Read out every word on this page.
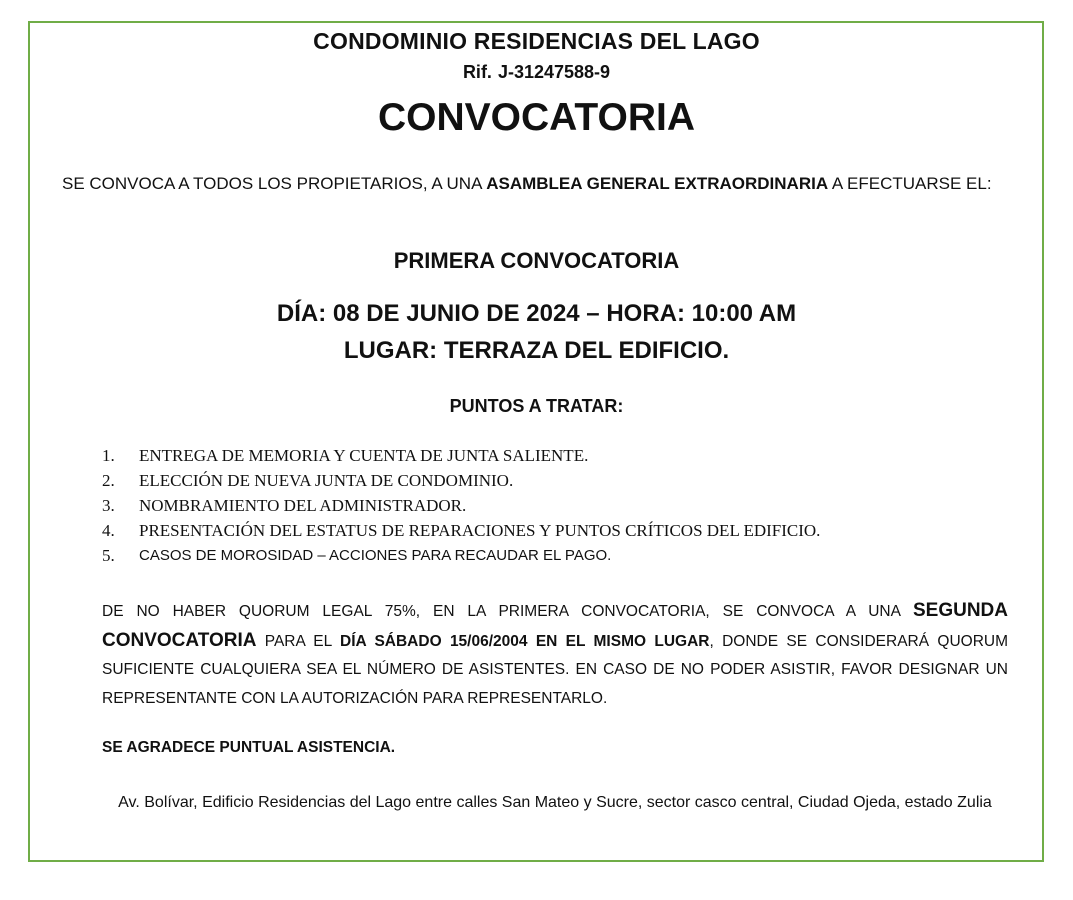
CONDOMINIO RESIDENCIAS DEL LAGO
Rif. J-31247588-9
CONVOCATORIA
SE CONVOCA A TODOS LOS PROPIETARIOS, A UNA ASAMBLEA GENERAL EXTRAORDINARIA A EFECTUARSE EL:
PRIMERA CONVOCATORIA
DÍA: 08 DE JUNIO DE 2024 – HORA: 10:00 AM
LUGAR: TERRAZA DEL EDIFICIO.
PUNTOS A TRATAR:
1.	ENTREGA DE MEMORIA Y CUENTA DE JUNTA SALIENTE.
2.	ELECCIÓN DE NUEVA JUNTA DE CONDOMINIO.
3.	NOMBRAMIENTO DEL ADMINISTRADOR.
4.	PRESENTACIÓN DEL ESTATUS DE REPARACIONES Y PUNTOS CRÍTICOS DEL EDIFICIO.
5.	CASOS DE MOROSIDAD – ACCIONES PARA RECAUDAR EL PAGO.
DE NO HABER QUORUM LEGAL 75%, EN LA PRIMERA CONVOCATORIA, SE CONVOCA A UNA SEGUNDA CONVOCATORIA PARA EL DÍA SÁBADO 15/06/2004 EN EL MISMO LUGAR, DONDE SE CONSIDERARÁ QUORUM SUFICIENTE CUALQUIERA SEA EL NÚMERO DE ASISTENTES. EN CASO DE NO PODER ASISTIR, FAVOR DESIGNAR UN REPRESENTANTE CON LA AUTORIZACIÓN PARA REPRESENTARLO.
SE AGRADECE PUNTUAL ASISTENCIA.
Av. Bolívar, Edificio Residencias del Lago entre calles San Mateo y Sucre, sector casco central, Ciudad Ojeda, estado Zulia
